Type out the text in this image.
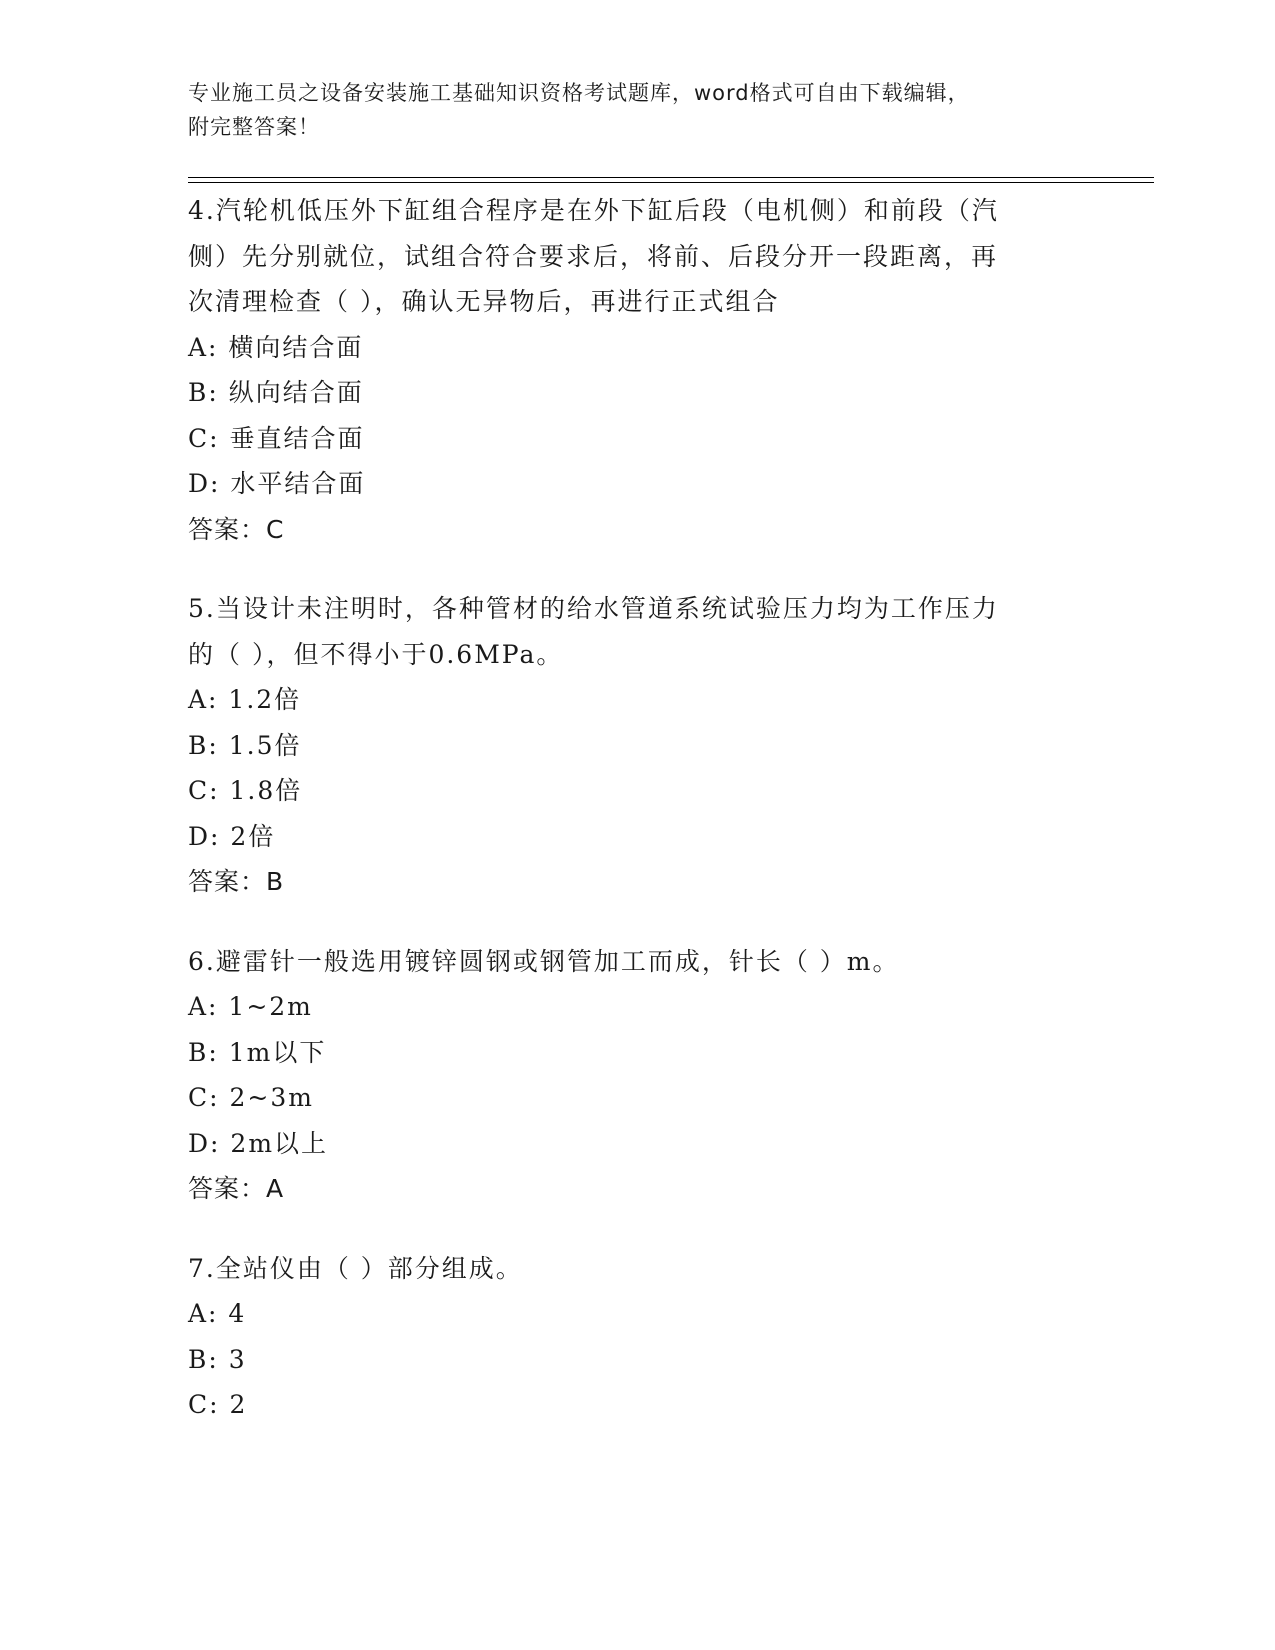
专业施工员之设备安装施工基础知识资格考试题库，word格式可自由下载编辑，
附完整答案！
4.汽轮机低压外下缸组合程序是在外下缸后段（电机侧）和前段（汽
侧）先分别就位，试组合符合要求后，将前、后段分开一段距离，再
次清理检查（ ），确认无异物后，再进行正式组合
A: 横向结合面
B: 纵向结合面
C: 垂直结合面
D: 水平结合面
答案：C
5.当设计未注明时，各种管材的给水管道系统试验压力均为工作压力
的（ ），但不得小于0.6MPa。
A: 1.2倍
B: 1.5倍
C: 1.8倍
D: 2倍
答案：B
6.避雷针一般选用镀锌圆钢或钢管加工而成，针长（ ）m。
A: 1~2m
B: 1m以下
C: 2~3m
D: 2m以上
答案：A
7.全站仪由（ ）部分组成。
A: 4
B: 3
C: 2
